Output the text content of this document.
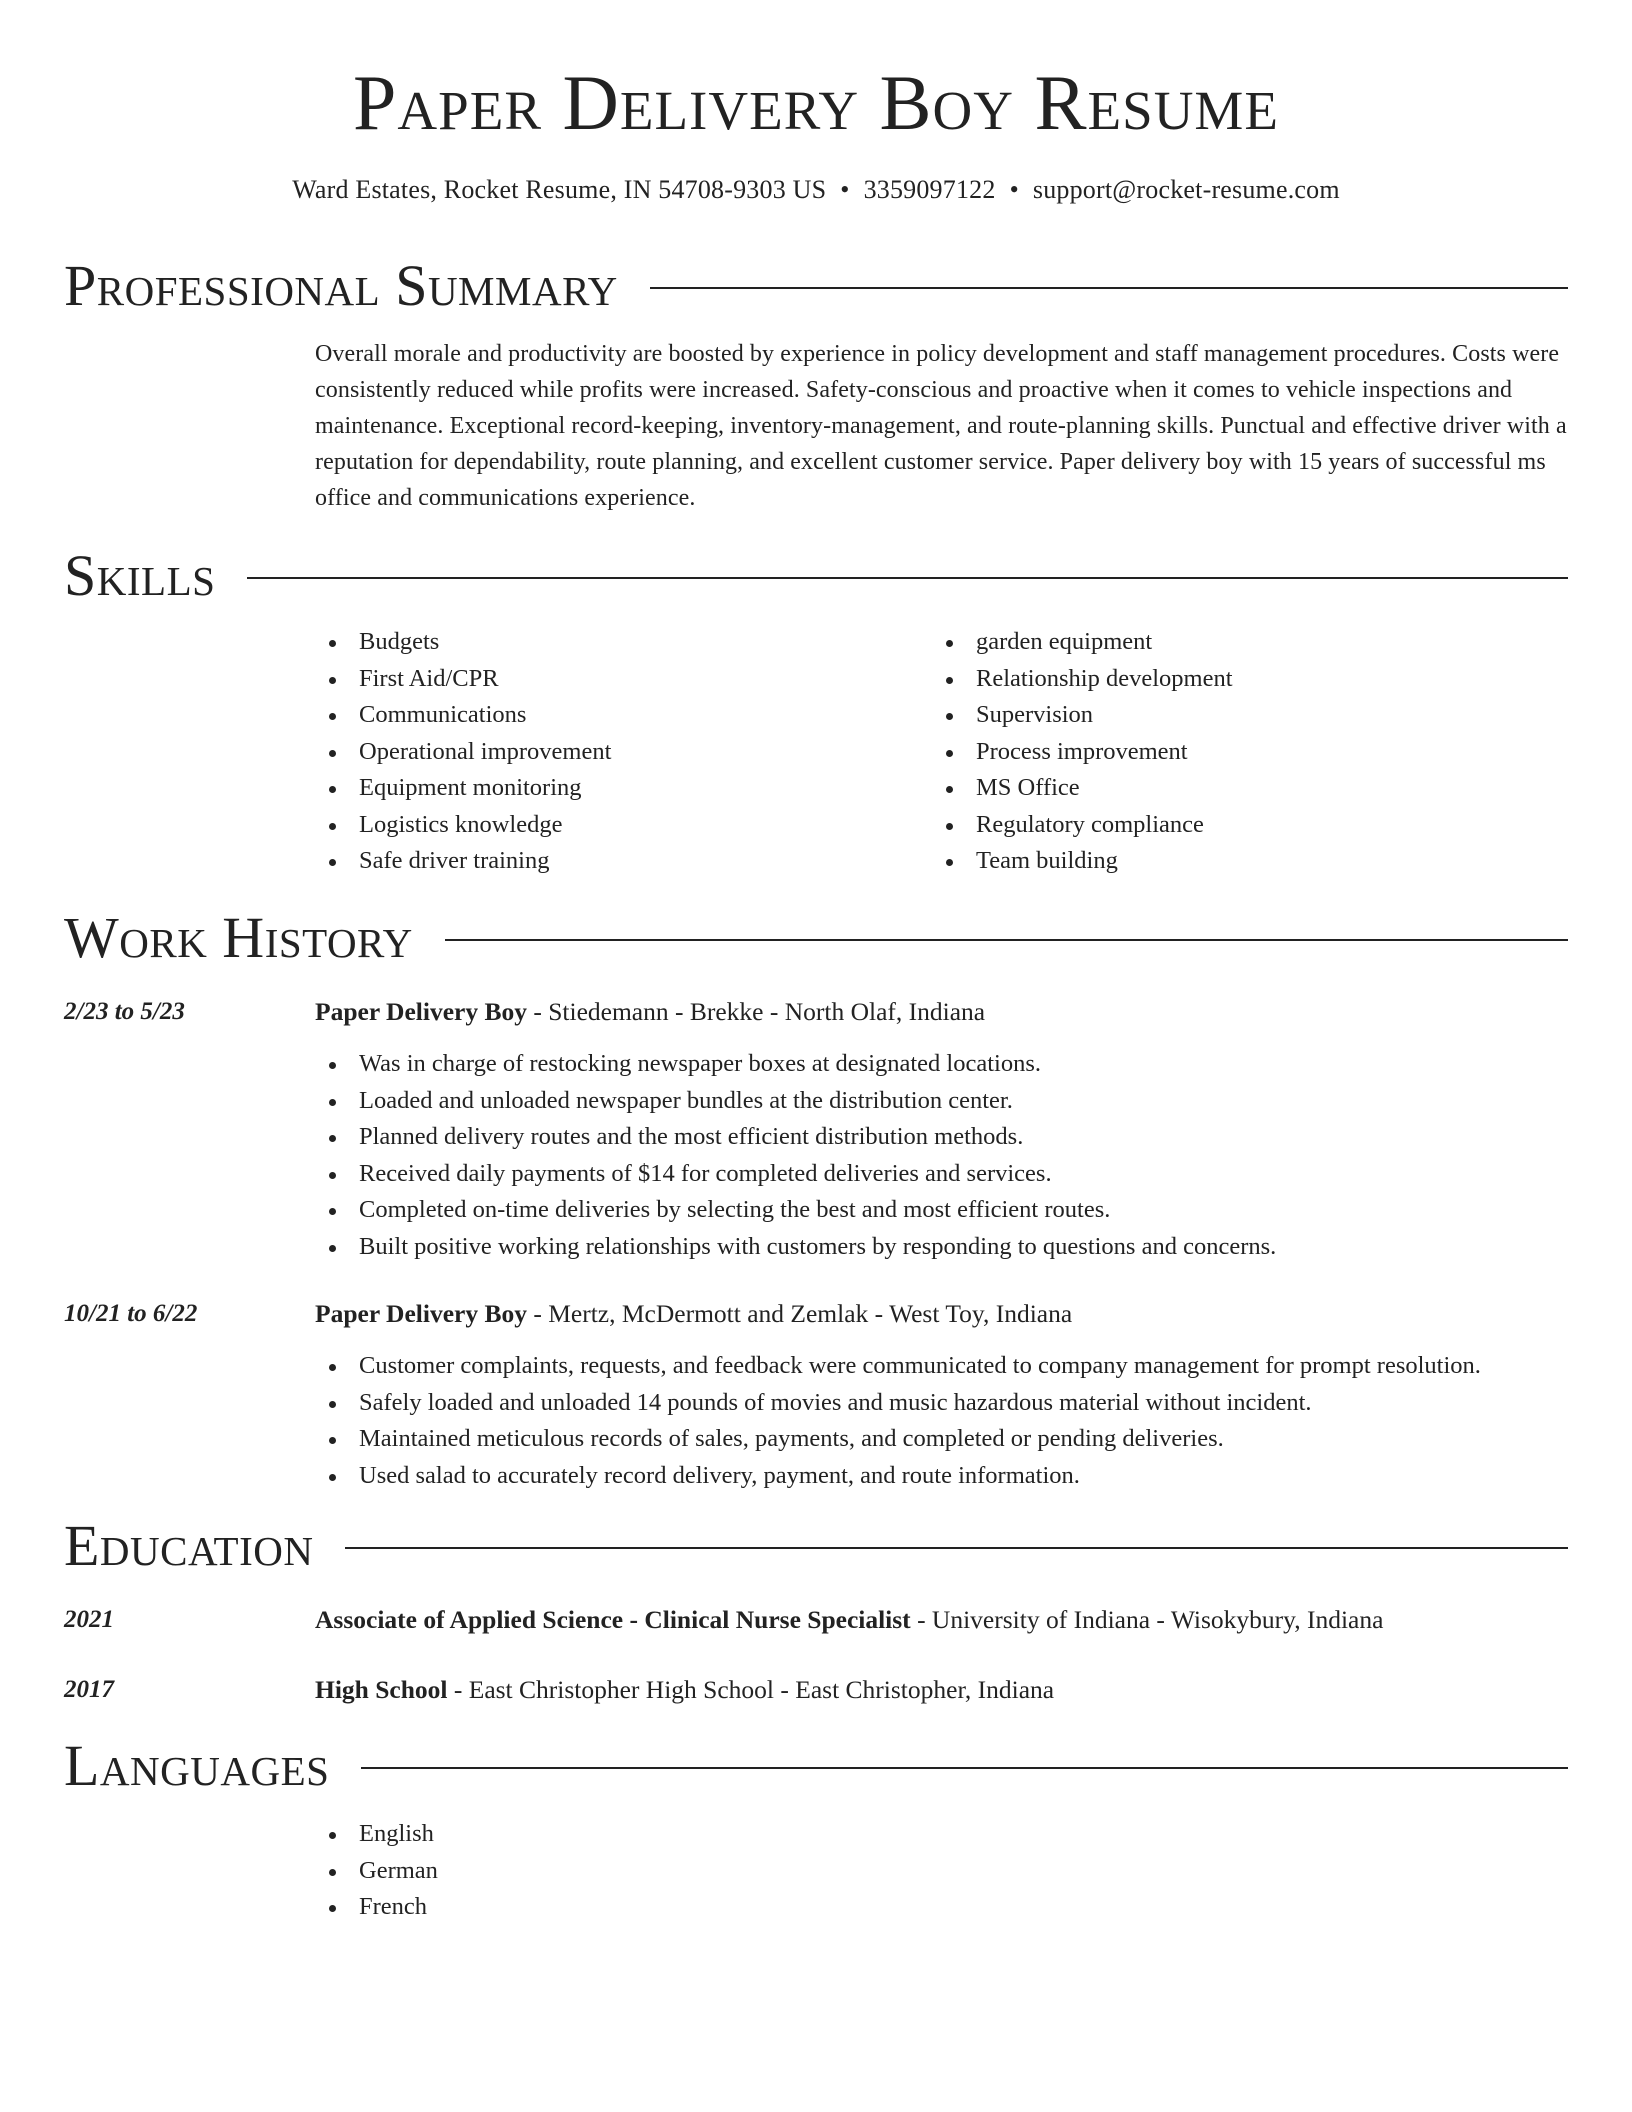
Paper Delivery Boy Resume
Ward Estates, Rocket Resume, IN 54708-9303 US • 3359097122 • support@rocket-resume.com
Professional Summary

Overall morale and productivity are boosted by experience in policy development and staff management procedures. Costs were consistently reduced while profits were increased. Safety-conscious and proactive when it comes to vehicle inspections and maintenance. Exceptional record-keeping, inventory-management, and route-planning skills. Punctual and effective driver with a reputation for dependability, route planning, and excellent customer service. Paper delivery boy with 15 years of successful ms office and communications experience.

Skills
Budgets
First Aid/CPR
Communications
Operational improvement
Equipment monitoring
Logistics knowledge
Safe driver training
garden equipment
Relationship development
Supervision
Process improvement
MS Office
Regulatory compliance
Team building
Work History
2/23 to 5/23	Paper Delivery Boy - Stiedemann - Brekke - North Olaf, Indiana
Was in charge of restocking newspaper boxes at designated locations.
Loaded and unloaded newspaper bundles at the distribution center.
Planned delivery routes and the most efficient distribution methods.
Received daily payments of $14 for completed deliveries and services.
Completed on-time deliveries by selecting the best and most efficient routes.
Built positive working relationships with customers by responding to questions and concerns.
10/21 to 6/22	Paper Delivery Boy - Mertz, McDermott and Zemlak - West Toy, Indiana
Customer complaints, requests, and feedback were communicated to company management for prompt resolution.
Safely loaded and unloaded 14 pounds of movies and music hazardous material without incident.
Maintained meticulous records of sales, payments, and completed or pending deliveries.
Used salad to accurately record delivery, payment, and route information.
Education
2021	Associate of Applied Science - Clinical Nurse Specialist - University of Indiana - Wisokybury, Indiana
2017	High School - East Christopher High School - East Christopher, Indiana
Languages
English
German
French
